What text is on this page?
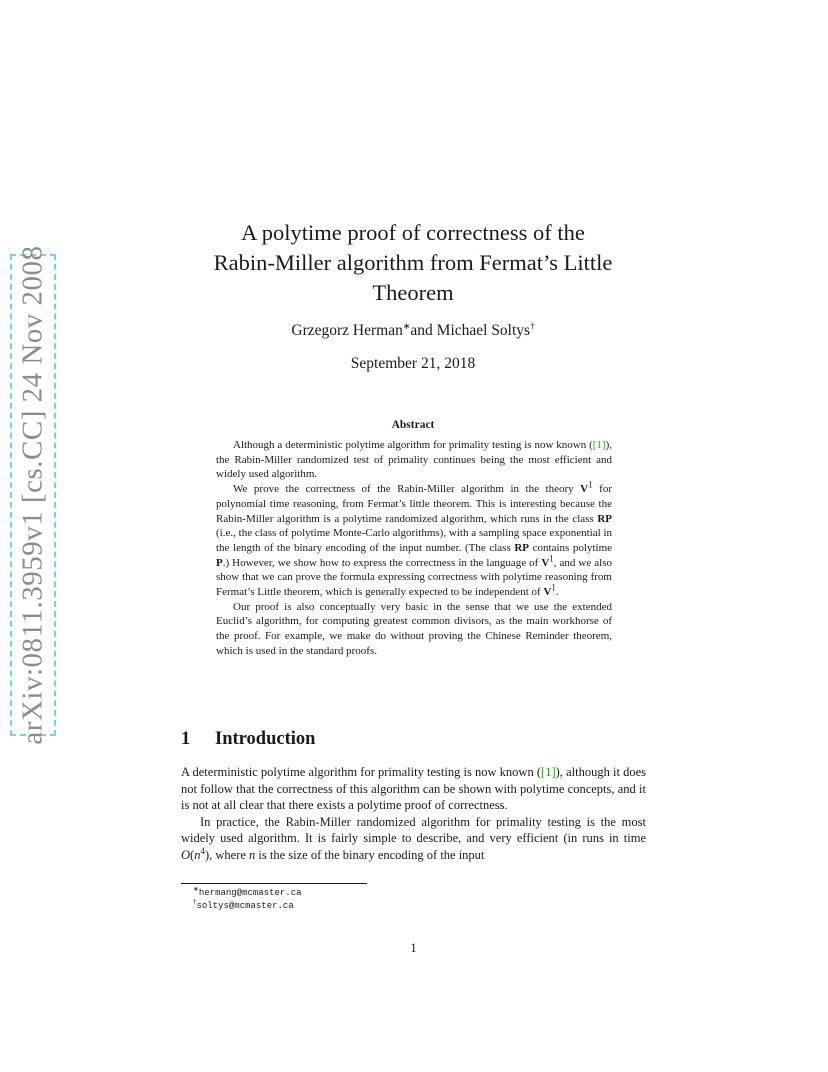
arXiv:0811.3959v1 [cs.CC] 24 Nov 2008
A polytime proof of correctness of the
Rabin-Miller algorithm from Fermat’s Little
Theorem
Grzegorz Herman∗and Michael Soltys†
September 21, 2018
Abstract

Although a deterministic polytime algorithm for primality testing is now known ([1]), the Rabin-Miller randomized test of primality continues being the most efficient and widely used algorithm.

We prove the correctness of the Rabin-Miller algorithm in the theory $V^1$ for polynomial time reasoning, from Fermat’s little theorem. This is interesting because the Rabin-Miller algorithm is a polytime randomized algorithm, which runs in the class RP (i.e., the class of polytime Monte-Carlo algorithms), with a sampling space exponential in the length of the binary encoding of the input number. (The class RP contains polytime P.) However, we show how to express the correctness in the language of $V^1$, and we also show that we can prove the formula expressing correctness with polytime reasoning from Fermat’s Little theorem, which is generally expected to be independent of $V^1$.

Our proof is also conceptually very basic in the sense that we use the extended Euclid’s algorithm, for computing greatest common divisors, as the main workhorse of the proof. For example, we make do without proving the Chinese Reminder theorem, which is used in the standard proofs.

1 Introduction

A deterministic polytime algorithm for primality testing is now known ([1]), although it does not follow that the correctness of this algorithm can be shown with polytime concepts, and it is not at all clear that there exists a polytime proof of correctness.

In practice, the Rabin-Miller randomized algorithm for primality testing is the most widely used algorithm. It is fairly simple to describe, and very efficient (in runs in time $O(n^4)$, where n is the size of the binary encoding of the input

∗hermang@mcmaster.ca
†soltys@mcmaster.ca
1
